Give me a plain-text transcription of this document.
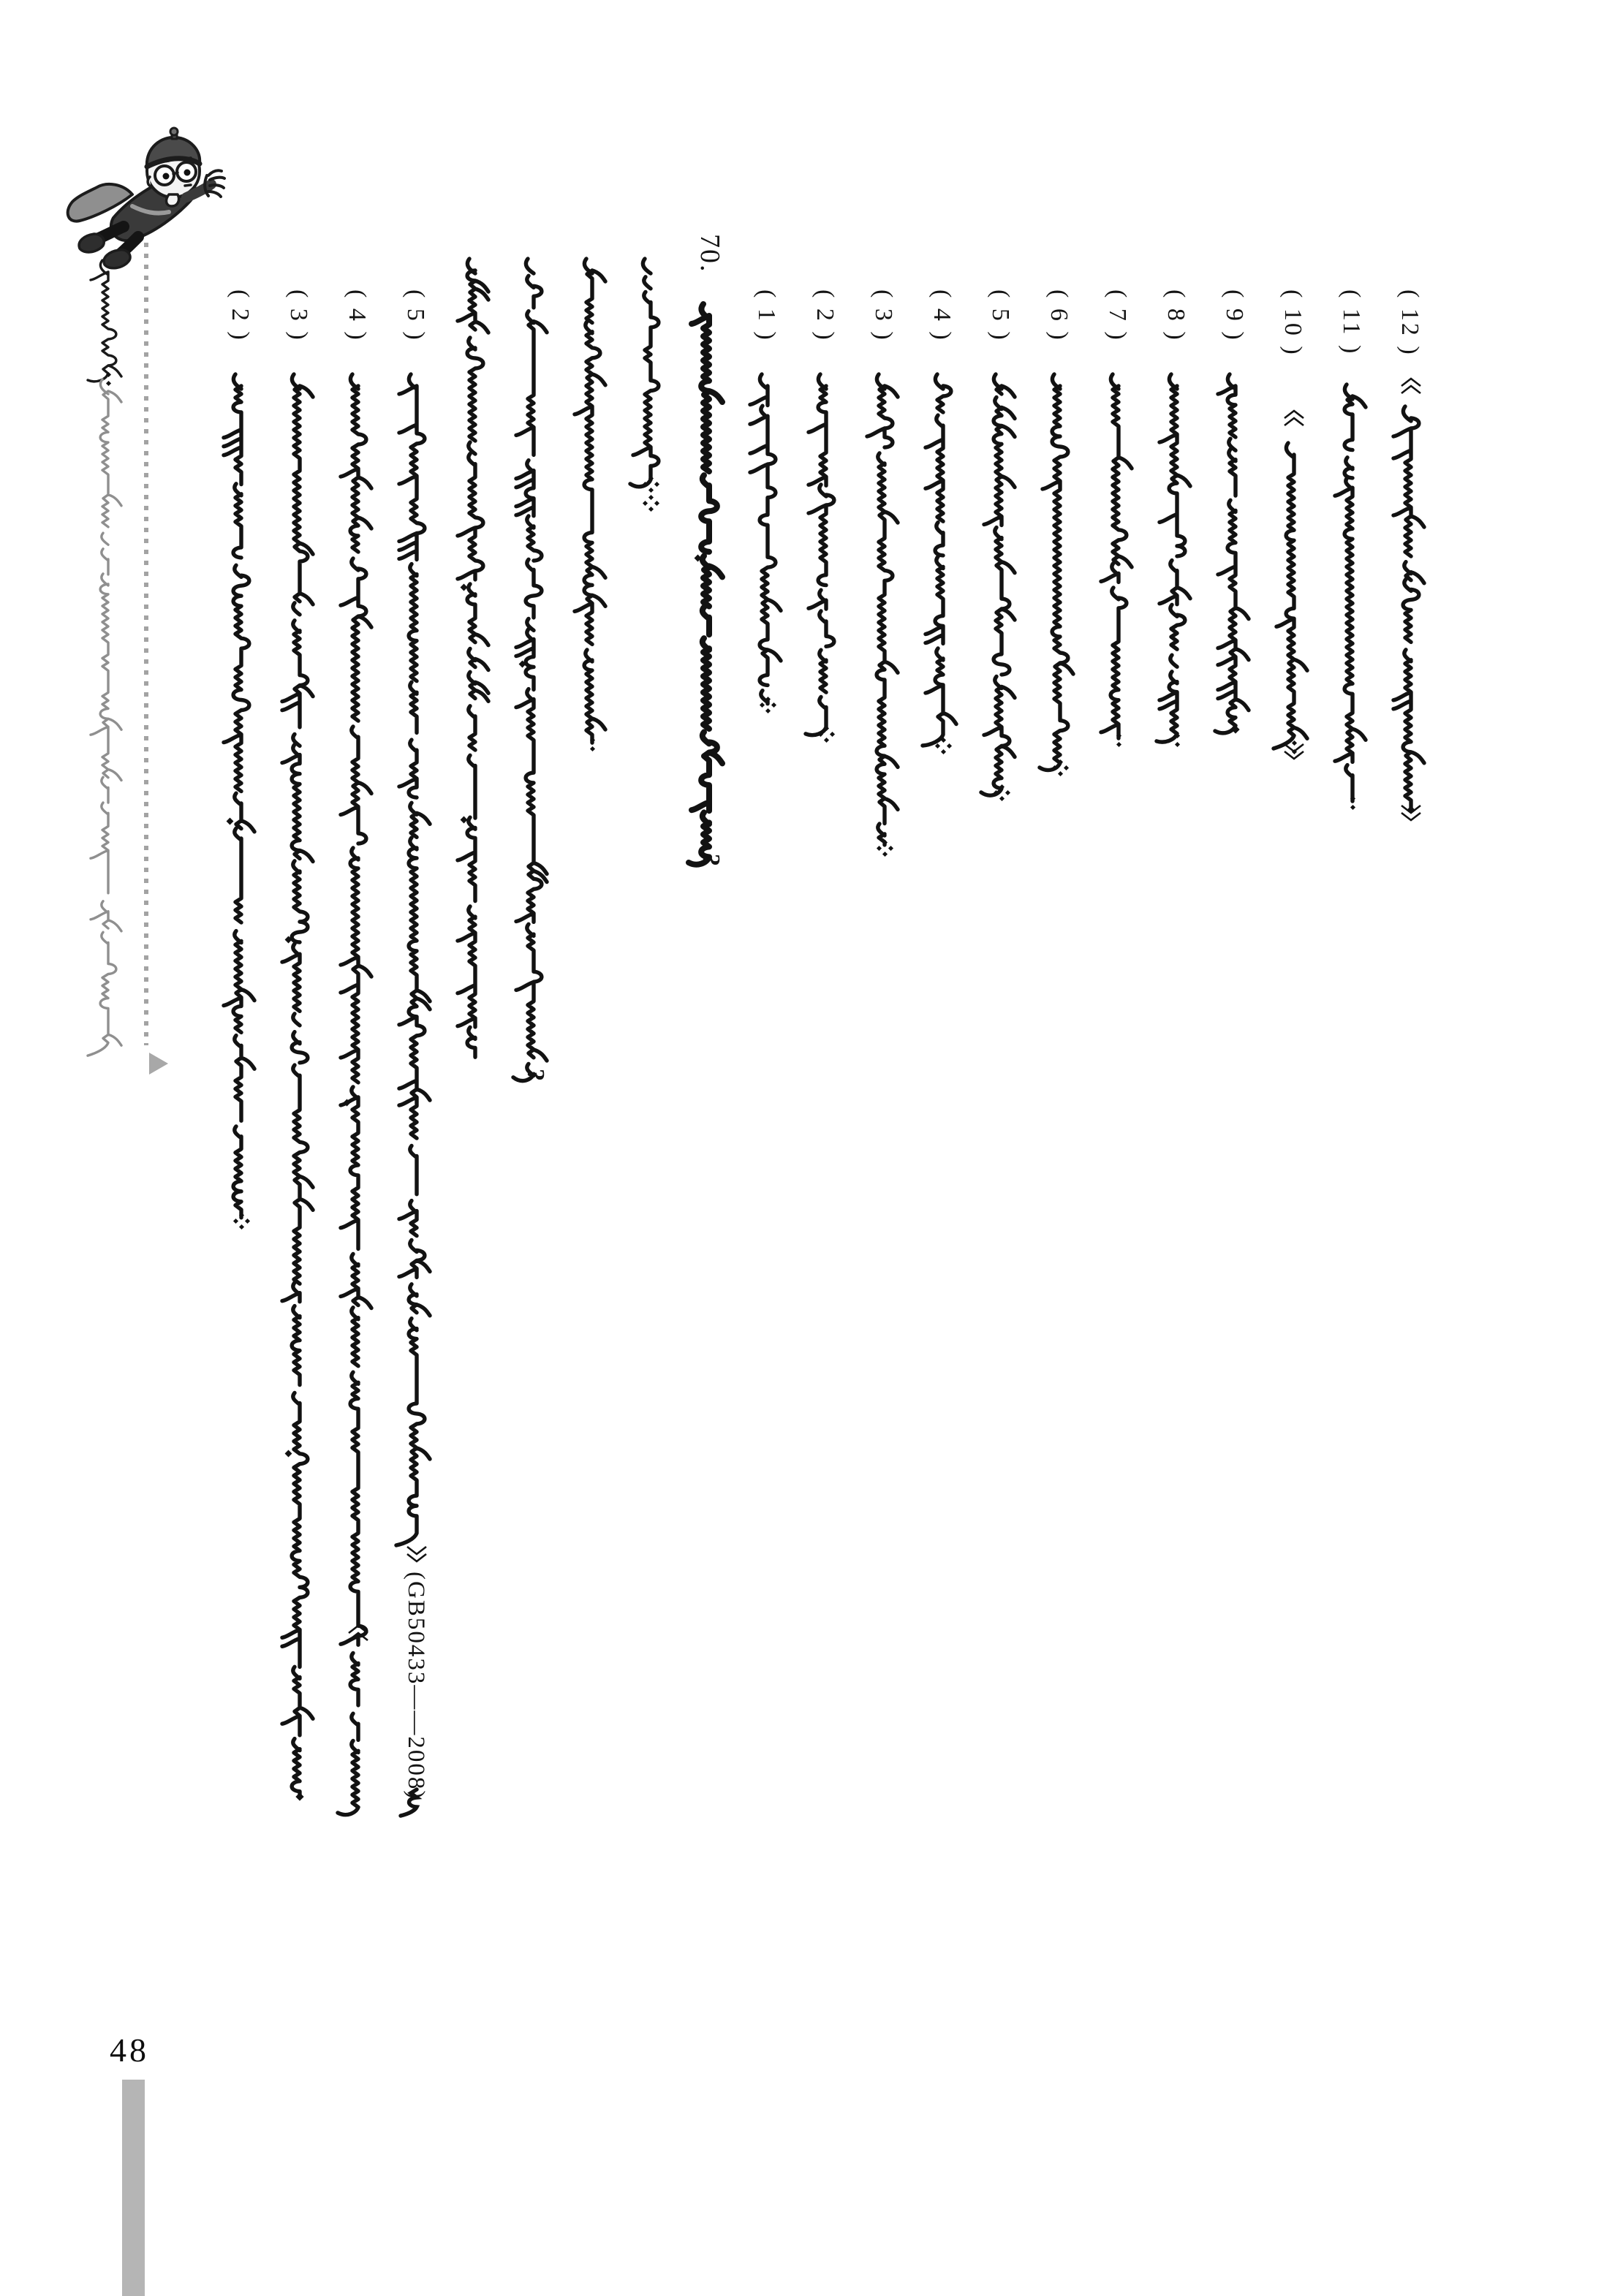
48
( 2 ) ( 3 ) ( 4 ) ( 5 )
(GB50433——2008)
?
70.
?
( 1 ) ( 2 ) ( 3 ) ( 4 ) ( 5 ) ( 6 ) ( 7 ) ( 8 ) ( 9 ) ( 10 ) ( 11 ) ( 12 )
